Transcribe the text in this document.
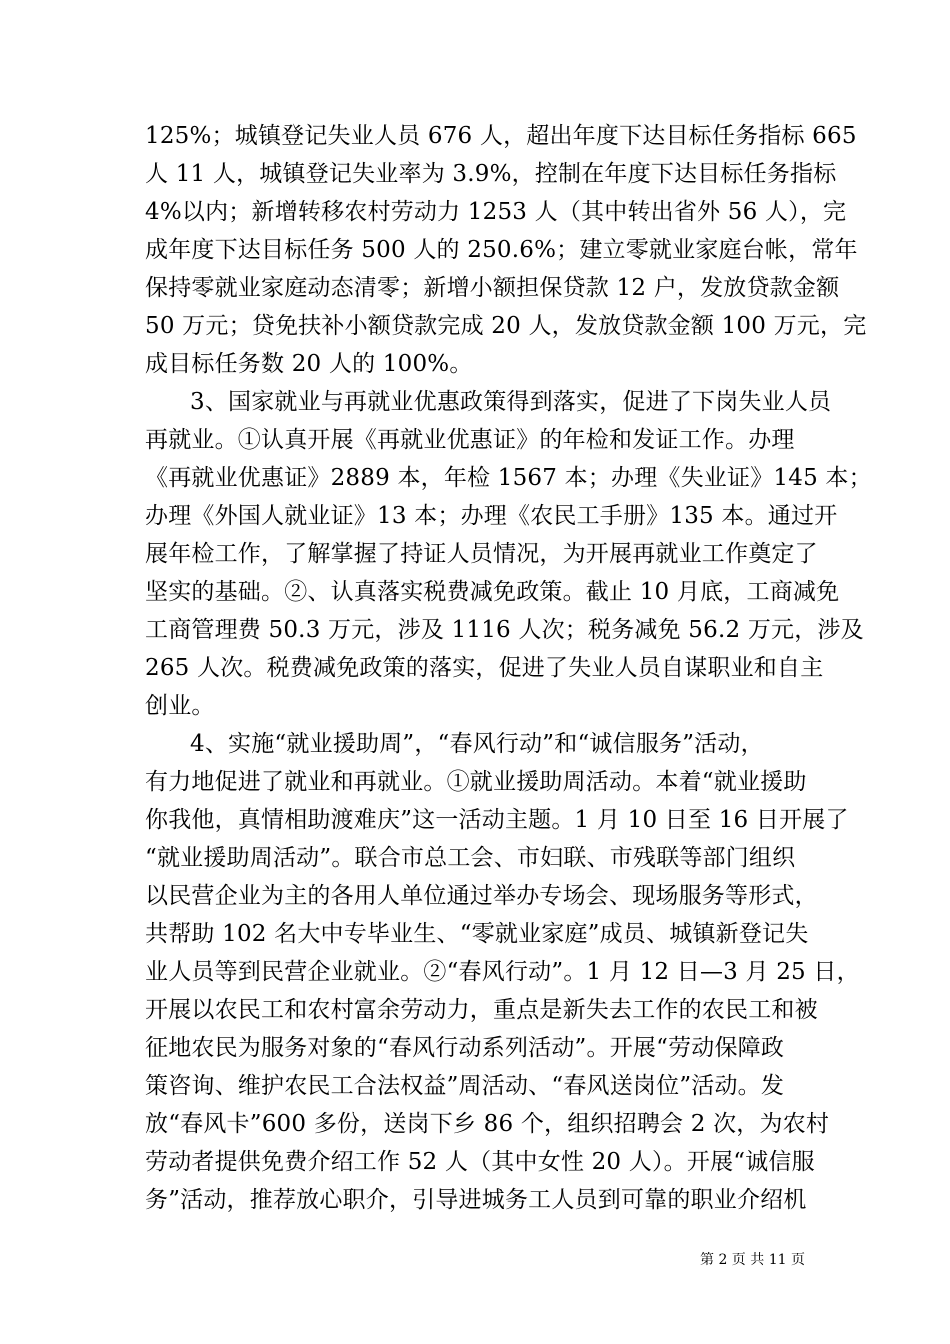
125%；城镇登记失业人员 676 人，超出年度下达目标任务指标 665
人 11 人，城镇登记失业率为 3.9%，控制在年度下达目标任务指标
4%以内；新增转移农村劳动力 1253 人（其中转出省外 56 人），完
成年度下达目标任务 500 人的 250.6%；建立零就业家庭台帐，常年
保持零就业家庭动态清零；新增小额担保贷款 12 户，发放贷款金额
50 万元；贷免扶补小额贷款完成 20 人，发放贷款金额 100 万元，完
成目标任务数 20 人的 100%。
3、国家就业与再就业优惠政策得到落实，促进了下岗失业人员
再就业。①认真开展《再就业优惠证》的年检和发证工作。办理
《再就业优惠证》2889 本，年检 1567 本；办理《失业证》145 本；
办理《外国人就业证》13 本；办理《农民工手册》135 本。通过开
展年检工作，了解掌握了持证人员情况，为开展再就业工作奠定了
坚实的基础。②、认真落实税费减免政策。截止 10 月底，工商减免
工商管理费 50.3 万元，涉及 1116 人次；税务减免 56.2 万元，涉及
265 人次。税费减免政策的落实，促进了失业人员自谋职业和自主
创业。
4、实施“就业援助周”，“春风行动”和“诚信服务”活动，
有力地促进了就业和再就业。①就业援助周活动。本着“就业援助
你我他，真情相助渡难庆”这一活动主题。1 月 10 日至 16 日开展了
“就业援助周活动”。联合市总工会、市妇联、市残联等部门组织
以民营企业为主的各用人单位通过举办专场会、现场服务等形式，
共帮助 102 名大中专毕业生、“零就业家庭”成员、城镇新登记失
业人员等到民营企业就业。②“春风行动”。1 月 12 日—3 月 25 日，
开展以农民工和农村富余劳动力，重点是新失去工作的农民工和被
征地农民为服务对象的“春风行动系列活动”。开展“劳动保障政
策咨询、维护农民工合法权益”周活动、“春风送岗位”活动。发
放“春风卡”600 多份，送岗下乡 86 个，组织招聘会 2 次，为农村
劳动者提供免费介绍工作 52 人（其中女性 20 人）。开展“诚信服
务”活动，推荐放心职介，引导进城务工人员到可靠的职业介绍机
第 2 页 共 11 页
